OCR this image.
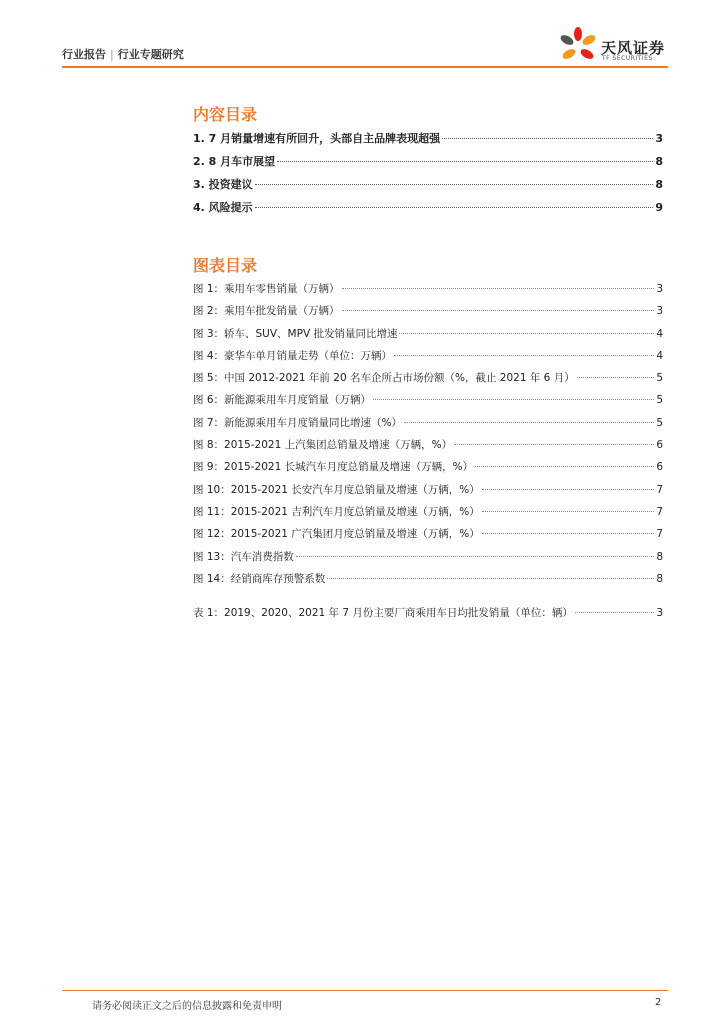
行业报告 | 行业专题研究	天风证券
TF SECURITIES
内容目录
1. 7 月销量增速有所回升，头部自主品牌表现超强	3
2. 8 月车市展望	8
3. 投资建议	8
4. 风险提示	9
图表目录
图 1：乘用车零售销量（万辆）	3
图 2：乘用车批发销量（万辆）	3
图 3：轿车、SUV、MPV 批发销量同比增速	4
图 4：豪华车单月销量走势（单位：万辆）	4
图 5：中国 2012-2021 年前 20 名车企所占市场份额（%，截止 2021 年 6 月）	5
图 6：新能源乘用车月度销量（万辆）	5
图 7：新能源乘用车月度销量同比增速（%）	5
图 8：2015-2021 上汽集团总销量及增速（万辆，%）	6
图 9：2015-2021 长城汽车月度总销量及增速（万辆，%）	6
图 10：2015-2021 长安汽车月度总销量及增速（万辆，%）	7
图 11：2015-2021 吉利汽车月度总销量及增速（万辆，%）	7
图 12：2015-2021 广汽集团月度总销量及增速（万辆，%）	7
图 13：汽车消费指数	8
图 14：经销商库存预警系数	8
表 1：2019、2020、2021 年 7 月份主要厂商乘用车日均批发销量（单位：辆）	3
请务必阅读正文之后的信息披露和免责申明	2
